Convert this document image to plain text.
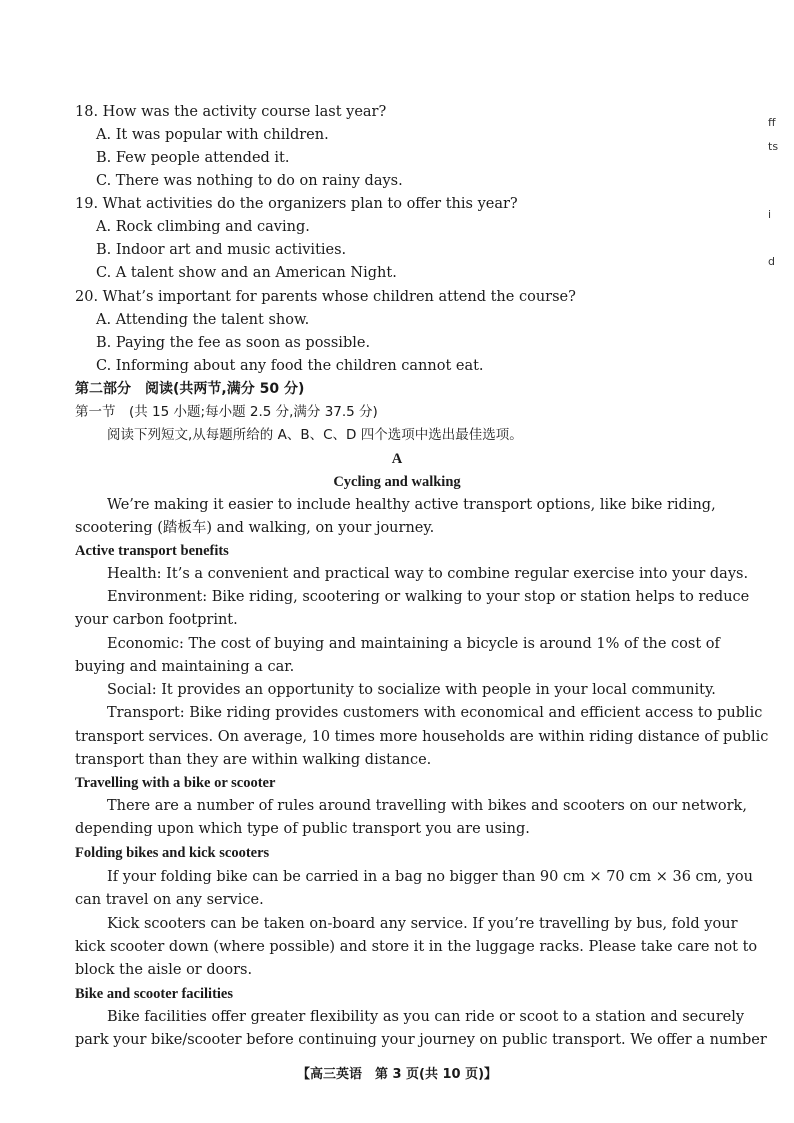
18. How was the activity course last year?
A. It was popular with children.
B. Few people attended it.
C. There was nothing to do on rainy days.
19. What activities do the organizers plan to offer this year?
A. Rock climbing and caving.
B. Indoor art and music activities.
C. A talent show and an American Night.
20. What’s important for parents whose children attend the course?
A. Attending the talent show.
B. Paying the fee as soon as possible.
C. Informing about any food the children cannot eat.
第二部分　阅读(共两节,满分 50 分)
第一节　(共 15 小题;每小题 2.5 分,满分 37.5 分)
阅读下列短文,从每题所给的 A、B、C、D 四个选项中选出最佳选项。
A
Cycling and walking
We’re making it easier to include healthy active transport options, like bike riding,
scootering (踏板车) and walking, on your journey.
Active transport benefits
Health: It’s a convenient and practical way to combine regular exercise into your days.
Environment: Bike riding, scootering or walking to your stop or station helps to reduce
your carbon footprint.
Economic: The cost of buying and maintaining a bicycle is around 1% of the cost of
buying and maintaining a car.
Social: It provides an opportunity to socialize with people in your local community.
Transport: Bike riding provides customers with economical and efficient access to public
transport services. On average, 10 times more households are within riding distance of public
transport than they are within walking distance.
Travelling with a bike or scooter
There are a number of rules around travelling with bikes and scooters on our network,
depending upon which type of public transport you are using.
Folding bikes and kick scooters
If your folding bike can be carried in a bag no bigger than 90 cm × 70 cm × 36 cm, you
can travel on any service.
Kick scooters can be taken on-board any service. If you’re travelling by bus, fold your
kick scooter down (where possible) and store it in the luggage racks. Please take care not to
block the aisle or doors.
Bike and scooter facilities
Bike facilities offer greater flexibility as you can ride or scoot to a station and securely
park your bike/scooter before continuing your journey on public transport. We offer a number
ff
ts
i
d
【高三英语　第 3 页(共 10 页)】
